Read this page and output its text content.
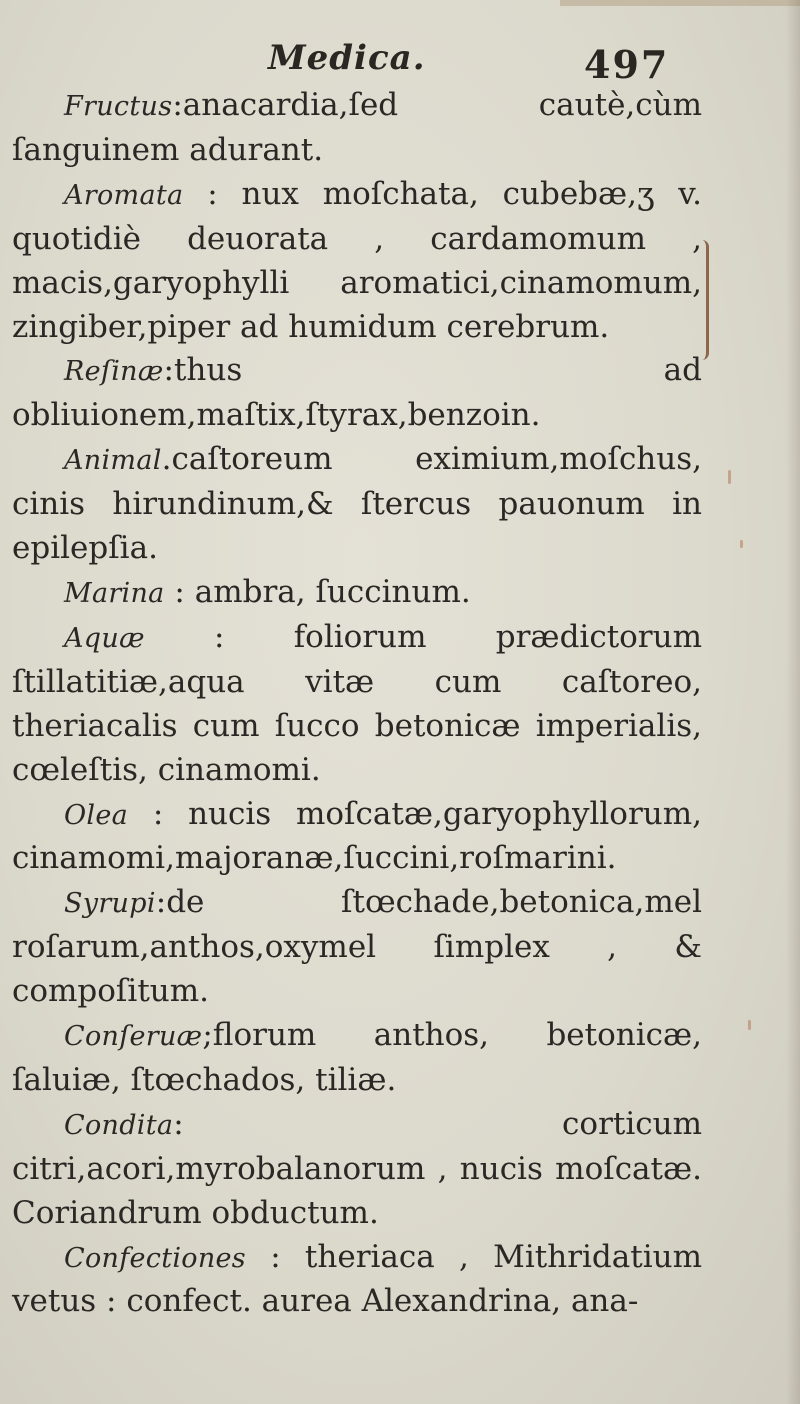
Medica.	497

Fructus:anacardia,ſed cautè,cùm ſanguinem adurant.

Aromata : nux moſchata, cubebæ,ʒ v. quotidiè deuorata , cardamomum , macis,garyophylli aromatici,cinamomum, zingiber,piper ad humidum cerebrum.

Reſinæ:thus ad obliuionem,maſtix,ſtyrax,benzoin.

Animal.caſtoreum eximium,moſchus, cinis hirundinum,& ſtercus pauonum in epilepſia.

Marina : ambra, ſuccinum.

Aquæ : foliorum prædictorum ſtillatitiæ,aqua vitæ cum caſtoreo, theriacalis cum ſucco betonicæ imperialis, cœleſtis, cinamomi.

Olea : nucis moſcatæ,garyophyllorum, cinamomi,majoranæ,ſuccini,roſmarini.

Syrupi:de ſtœchade,betonica,mel roſarum,anthos,oxymel ſimplex , & compoſitum.

Conſeruæ;florum anthos, betonicæ, ſaluiæ, ſtœchados, tiliæ.

Condita: corticum citri,acori,myrobalanorum , nucis moſcatæ. Coriandrum obductum.

Confectiones : theriaca , Mithridatium vetus : confect. aurea Alexandrina, ana-
